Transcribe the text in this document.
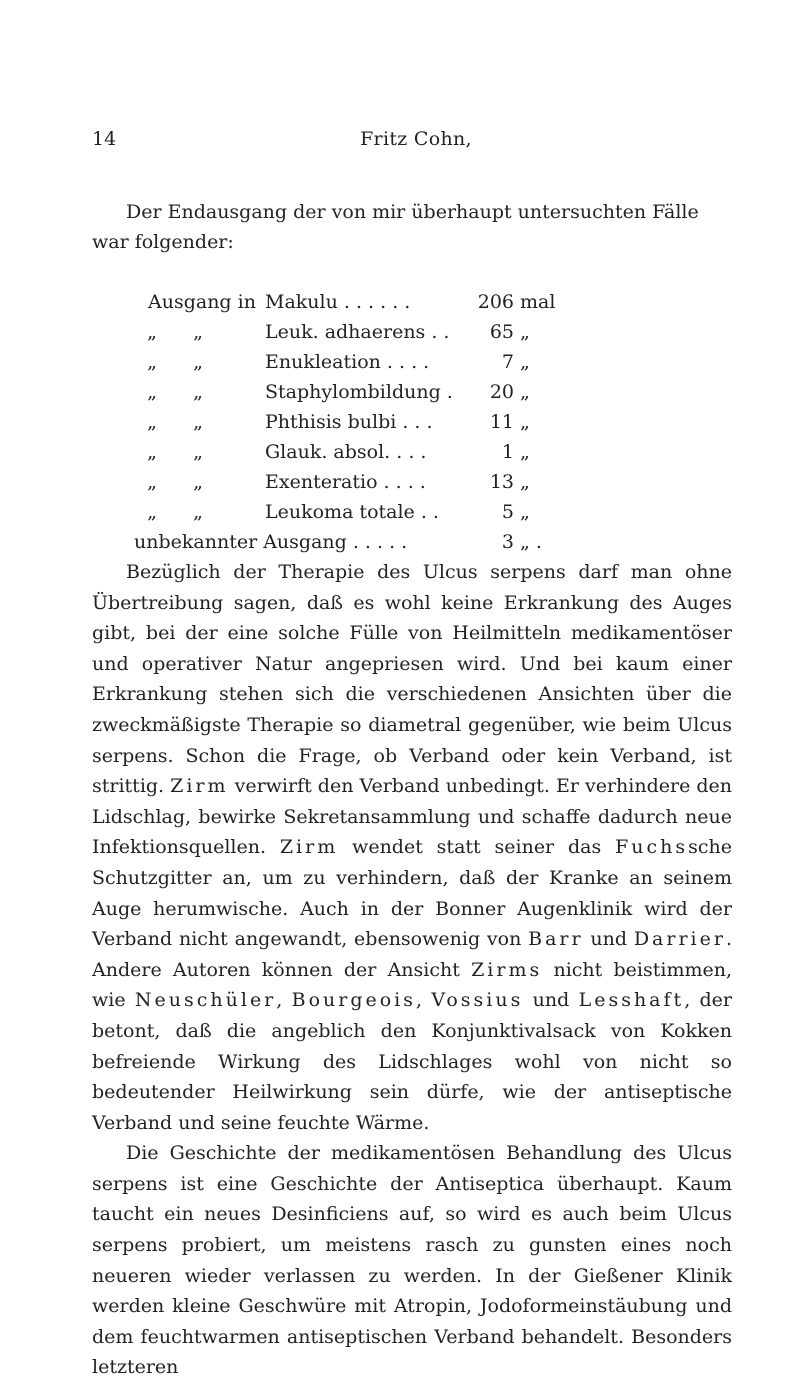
14	Fritz Cohn,
Der Endausgang der von mir überhaupt untersuchten Fälle
war folgender:
Ausgang in Makulu . . . . . .	206 mal
„	„	Leuk. adhaerens . .	65 „
„	„	Enukleation . . . .	7 „
„	„	Staphylombildung .	20 „
„	„	Phthisis bulbi . . .	11 „
„	„	Glauk. absol. . . .	1 „
„	„	Exenteratio . . . .	13 „
„	„	Leukoma totale . .	5 „
unbekannter Ausgang . . . . .	3 „ .

Bezüglich der Therapie des Ulcus serpens darf man ohne Übertreibung sagen, daß es wohl keine Erkrankung des Auges gibt, bei der eine solche Fülle von Heilmitteln medikamentöser und operativer Natur angepriesen wird. Und bei kaum einer Erkrankung stehen sich die verschiedenen Ansichten über die zweckmäßigste Therapie so diametral gegenüber, wie beim Ulcus serpens. Schon die Frage, ob Verband oder kein Verband, ist strittig. Zirm verwirft den Verband unbedingt. Er verhindere den Lidschlag, bewirke Sekretansammlung und schaffe dadurch neue Infektionsquellen. Zirm wendet statt seiner das Fuchssche Schutzgitter an, um zu verhindern, daß der Kranke an seinem Auge herumwische. Auch in der Bonner Augenklinik wird der Verband nicht angewandt, ebensowenig von Barr und Darrier. Andere Autoren können der Ansicht Zirms nicht beistimmen, wie Neuschüler, Bourgeois, Vossius und Lesshaft, der betont, daß die angeblich den Konjunktivalsack von Kokken befreiende Wirkung des Lidschlages wohl von nicht so bedeutender Heilwirkung sein dürfe, wie der antiseptische Verband und seine feuchte Wärme.

Die Geschichte der medikamentösen Behandlung des Ulcus serpens ist eine Geschichte der Antiseptica überhaupt. Kaum taucht ein neues Desinficiens auf, so wird es auch beim Ulcus serpens probiert, um meistens rasch zu gunsten eines noch neueren wieder verlassen zu werden. In der Gießener Klinik werden kleine Geschwüre mit Atropin, Jodoformeinstäubung und dem feuchtwarmen antiseptischen Verband behandelt. Besonders letzteren
